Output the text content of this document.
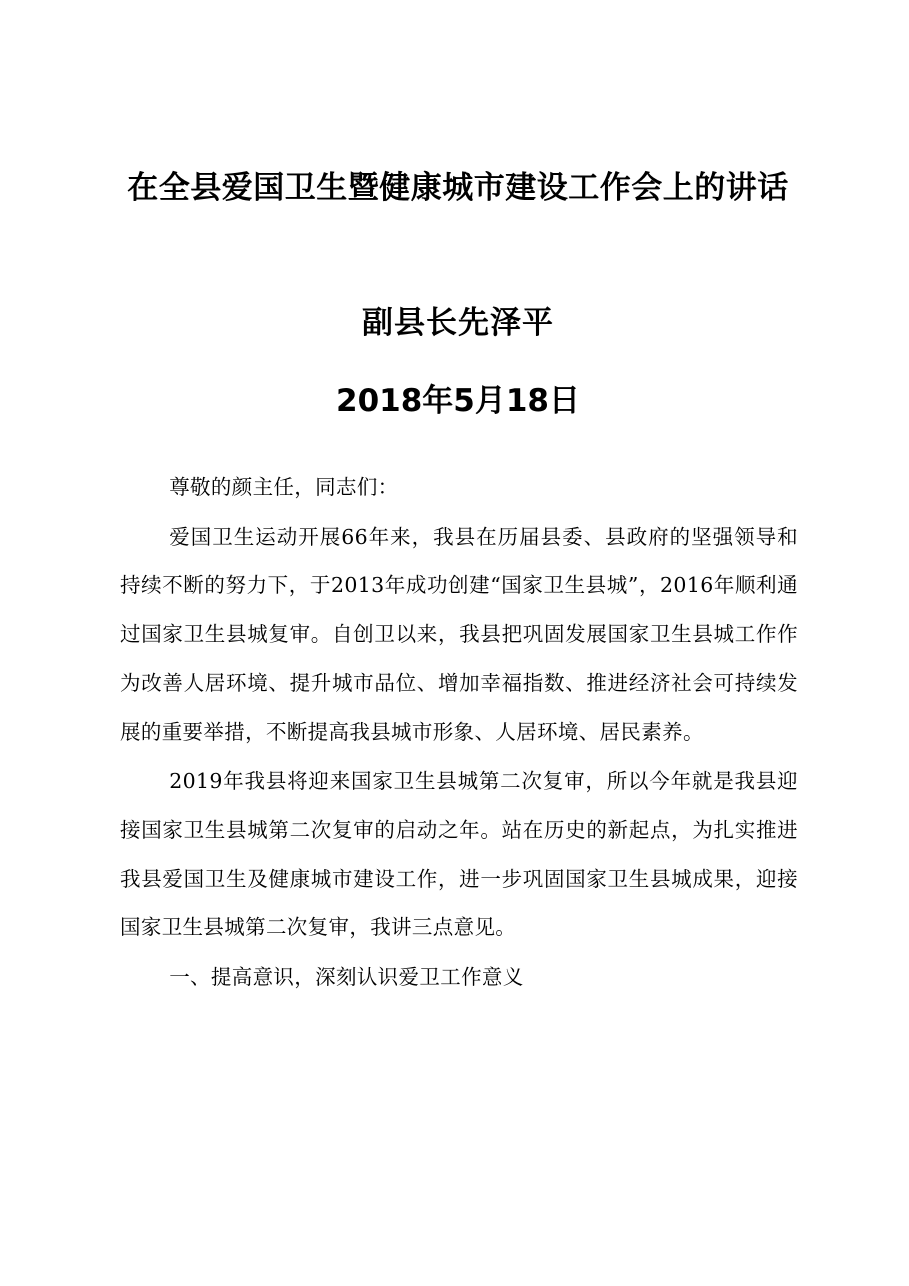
在全县爱国卫生暨健康城市建设工作会上的讲话
副县长先泽平
2018年5月18日

尊敬的颜主任，同志们：

爱国卫生运动开展66年来，我县在历届县委、县政府的坚强领导和持续不断的努力下，于2013年成功创建“国家卫生县城”，2016年顺利通过国家卫生县城复审。自创卫以来，我县把巩固发展国家卫生县城工作作为改善人居环境、提升城市品位、增加幸福指数、推进经济社会可持续发展的重要举措，不断提高我县城市形象、人居环境、居民素养。

2019年我县将迎来国家卫生县城第二次复审，所以今年就是我县迎接国家卫生县城第二次复审的启动之年。站在历史的新起点，为扎实推进我县爱国卫生及健康城市建设工作，进一步巩固国家卫生县城成果，迎接国家卫生县城第二次复审，我讲三点意见。

一、提高意识，深刻认识爱卫工作意义
